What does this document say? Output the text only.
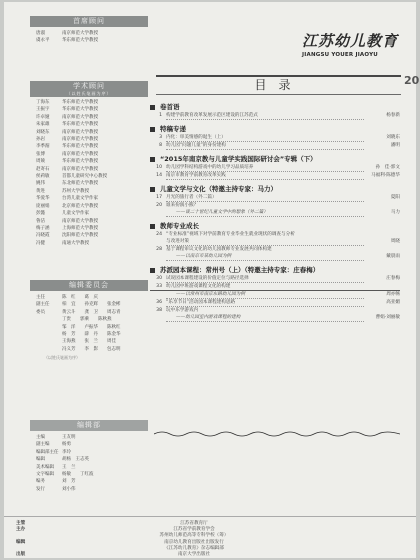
首席顾问
唐淑	南京师范大学教授
虞永平	华东师范大学教授
学术顾问
（以姓氏笔画为序）
丁海东	华东师范大学教授
王振宇	华东师范大学教授
许卓娅	南京师范大学教授
朱家雄	华东师范大学教授
刘晓东	南京师范大学教授
孙岩	南京师范大学教授
李季湄	华东师范大学教授
张博	南京师范大学教授
周兢	华东师范大学教授
赵寄石	南京师范大学教授
侯莉敏	首都儿童研究中心教授
姚伟	东北师范大学教授
黄进	苏州大学教授
华爱华	台湾儿童文学作家
庞丽娟	北京师范大学教授
彭懿	儿童文学作家
鲁洁	南京师范大学教授
梅子涵	上海师范大学教授
冯晓霞	沈阳师范大学教授
冯健	南通大学教授
编辑委员会
主任	陈　红　　葛　庆
副主任	柏　宜　　孙克辉　　张金彬
委员	黄云斗　　龚　卫　　周志青
丁贵　　郭乘　　陈秋燕
邹　洋　　卢振华　　陈秋红
杨　芳　　薛　丹　　陈金华
王海燕　　张　兰　　周佳
冯义芳　　李　影　　包志明
（以姓氏笔画为序）
编辑部
主编	王友明
副主编	杨勇
编辑部主任 李玲
编辑	胡杨　王志英
美术编辑 王　兰
文字编辑 杨敏　　丁红波
编务	刘　芳
发行	刘小伟
江苏幼儿教育
JIANGSU YOUER JIAOYU
目录	20
卷首语
1 构建学前教育改革发展示范区建设的江苏范式	杨春新
特稿专递
3 内化：审美情感的诞生（上）	刘晓东
8 幼儿园“问题儿童”的身份建构	潘明
“2015年南京教与儿童学实践国际研讨会”专辑（下）
10 幼儿园学科结构游戏中的幼儿学习品质培养	孙　佳·郭文
14 南京市教育学前教育改革实践	马福利·陈德华
儿童文学与文化（特邀主持专家：马力）
17 月光的旅行者（外二篇）	夏阳
20 谁来扮演小熊？
——谈二十世纪儿童文学中的想象（外二篇）	马力
教师专业成长
24 “专业标准”视域下对学前教育专业毕业生就业现状的调查与分析
与改进对策	周晓
28 基于课程审议文化的幼儿园教师专业发展共同体构建
——以南京市某幼儿园为例	戴晨雨
苏派园本课程：常州号（上）（特邀主持专家：庄春梅）
30 试说园本课程建设的价值定位与路径选择	庄春梅
33 幼儿园中班游戏课程文化的构建
——以常州市南京东路幼儿园为例	周亦畅
36 “乐享节日”活动园本课程建构思路	高亚媚
38 玩中乐学游戏内
——幼儿园室内游戏课程的建构	曹娟·刘丽敏
主管	江苏省教育厅
主办	江苏省学前教育学会
苏州幼儿师范高等专科学校（筹）
编辑	南京幼儿教育出版社出版发行
《江苏幼儿教育》杂志编辑部
出版	南京大学出版社
